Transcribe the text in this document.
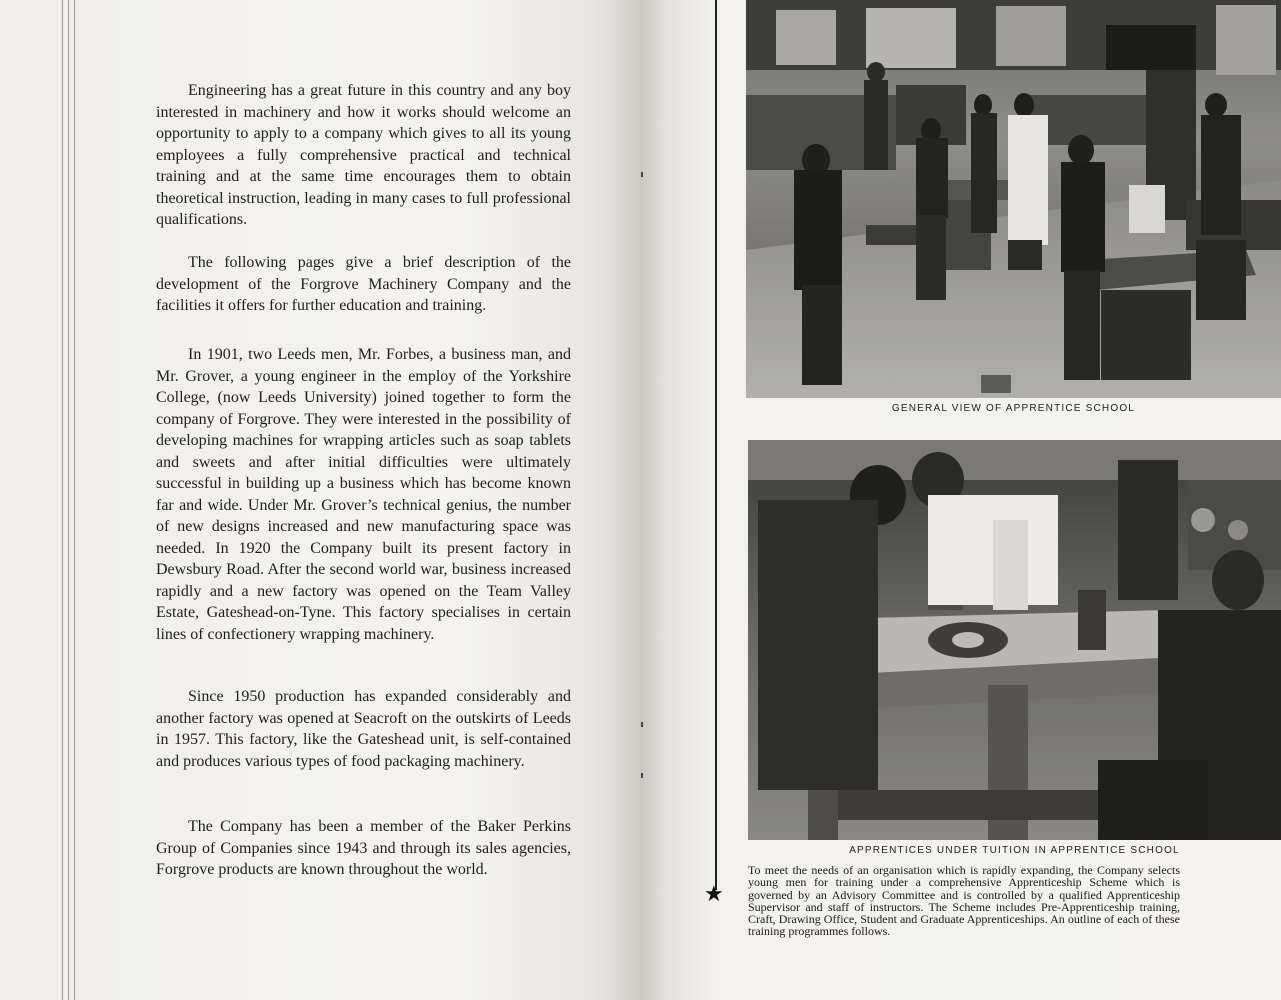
Engineering has a great future in this country and any boy interested in machinery and how it works should welcome an opportunity to apply to a company which gives to all its young employees a fully comprehensive practical and technical training and at the same time encourages them to obtain theoretical instruction, leading in many cases to full professional qualifications.

The following pages give a brief description of the development of the Forgrove Machinery Company and the facilities it offers for further education and training.

In 1901, two Leeds men, Mr. Forbes, a business man, and Mr. Grover, a young engineer in the employ of the Yorkshire College, (now Leeds University) joined together to form the company of Forgrove. They were interested in the possibility of developing machines for wrapping articles such as soap tablets and sweets and after initial difficulties were ultimately successful in building up a business which has become known far and wide. Under Mr. Grover’s technical genius, the number of new designs increased and new manufacturing space was needed. In 1920 the Company built its present factory in Dewsbury Road. After the second world war, business increased rapidly and a new factory was opened on the Team Valley Estate, Gateshead-on-Tyne. This factory specialises in certain lines of confectionery wrapping machinery.

Since 1950 production has expanded considerably and another factory was opened at Seacroft on the outskirts of Leeds in 1957. This factory, like the Gateshead unit, is self-contained and produces various types of food packaging machinery.

The Company has been a member of the Baker Perkins Group of Companies since 1943 and through its sales agencies, Forgrove products are known throughout the world.

★
GENERAL VIEW OF APPRENTICE SCHOOL
APPRENTICES UNDER TUITION IN APPRENTICE SCHOOL

To meet the needs of an organisation which is rapidly expanding, the Company selects young men for training under a comprehensive Apprenticeship Scheme which is governed by an Advisory Committee and is controlled by a qualified Apprenticeship Supervisor and staff of instructors. The Scheme includes Pre-Apprenticeship training, Craft, Drawing Office, Student and Graduate Apprenticeships. An outline of each of these training programmes follows.
